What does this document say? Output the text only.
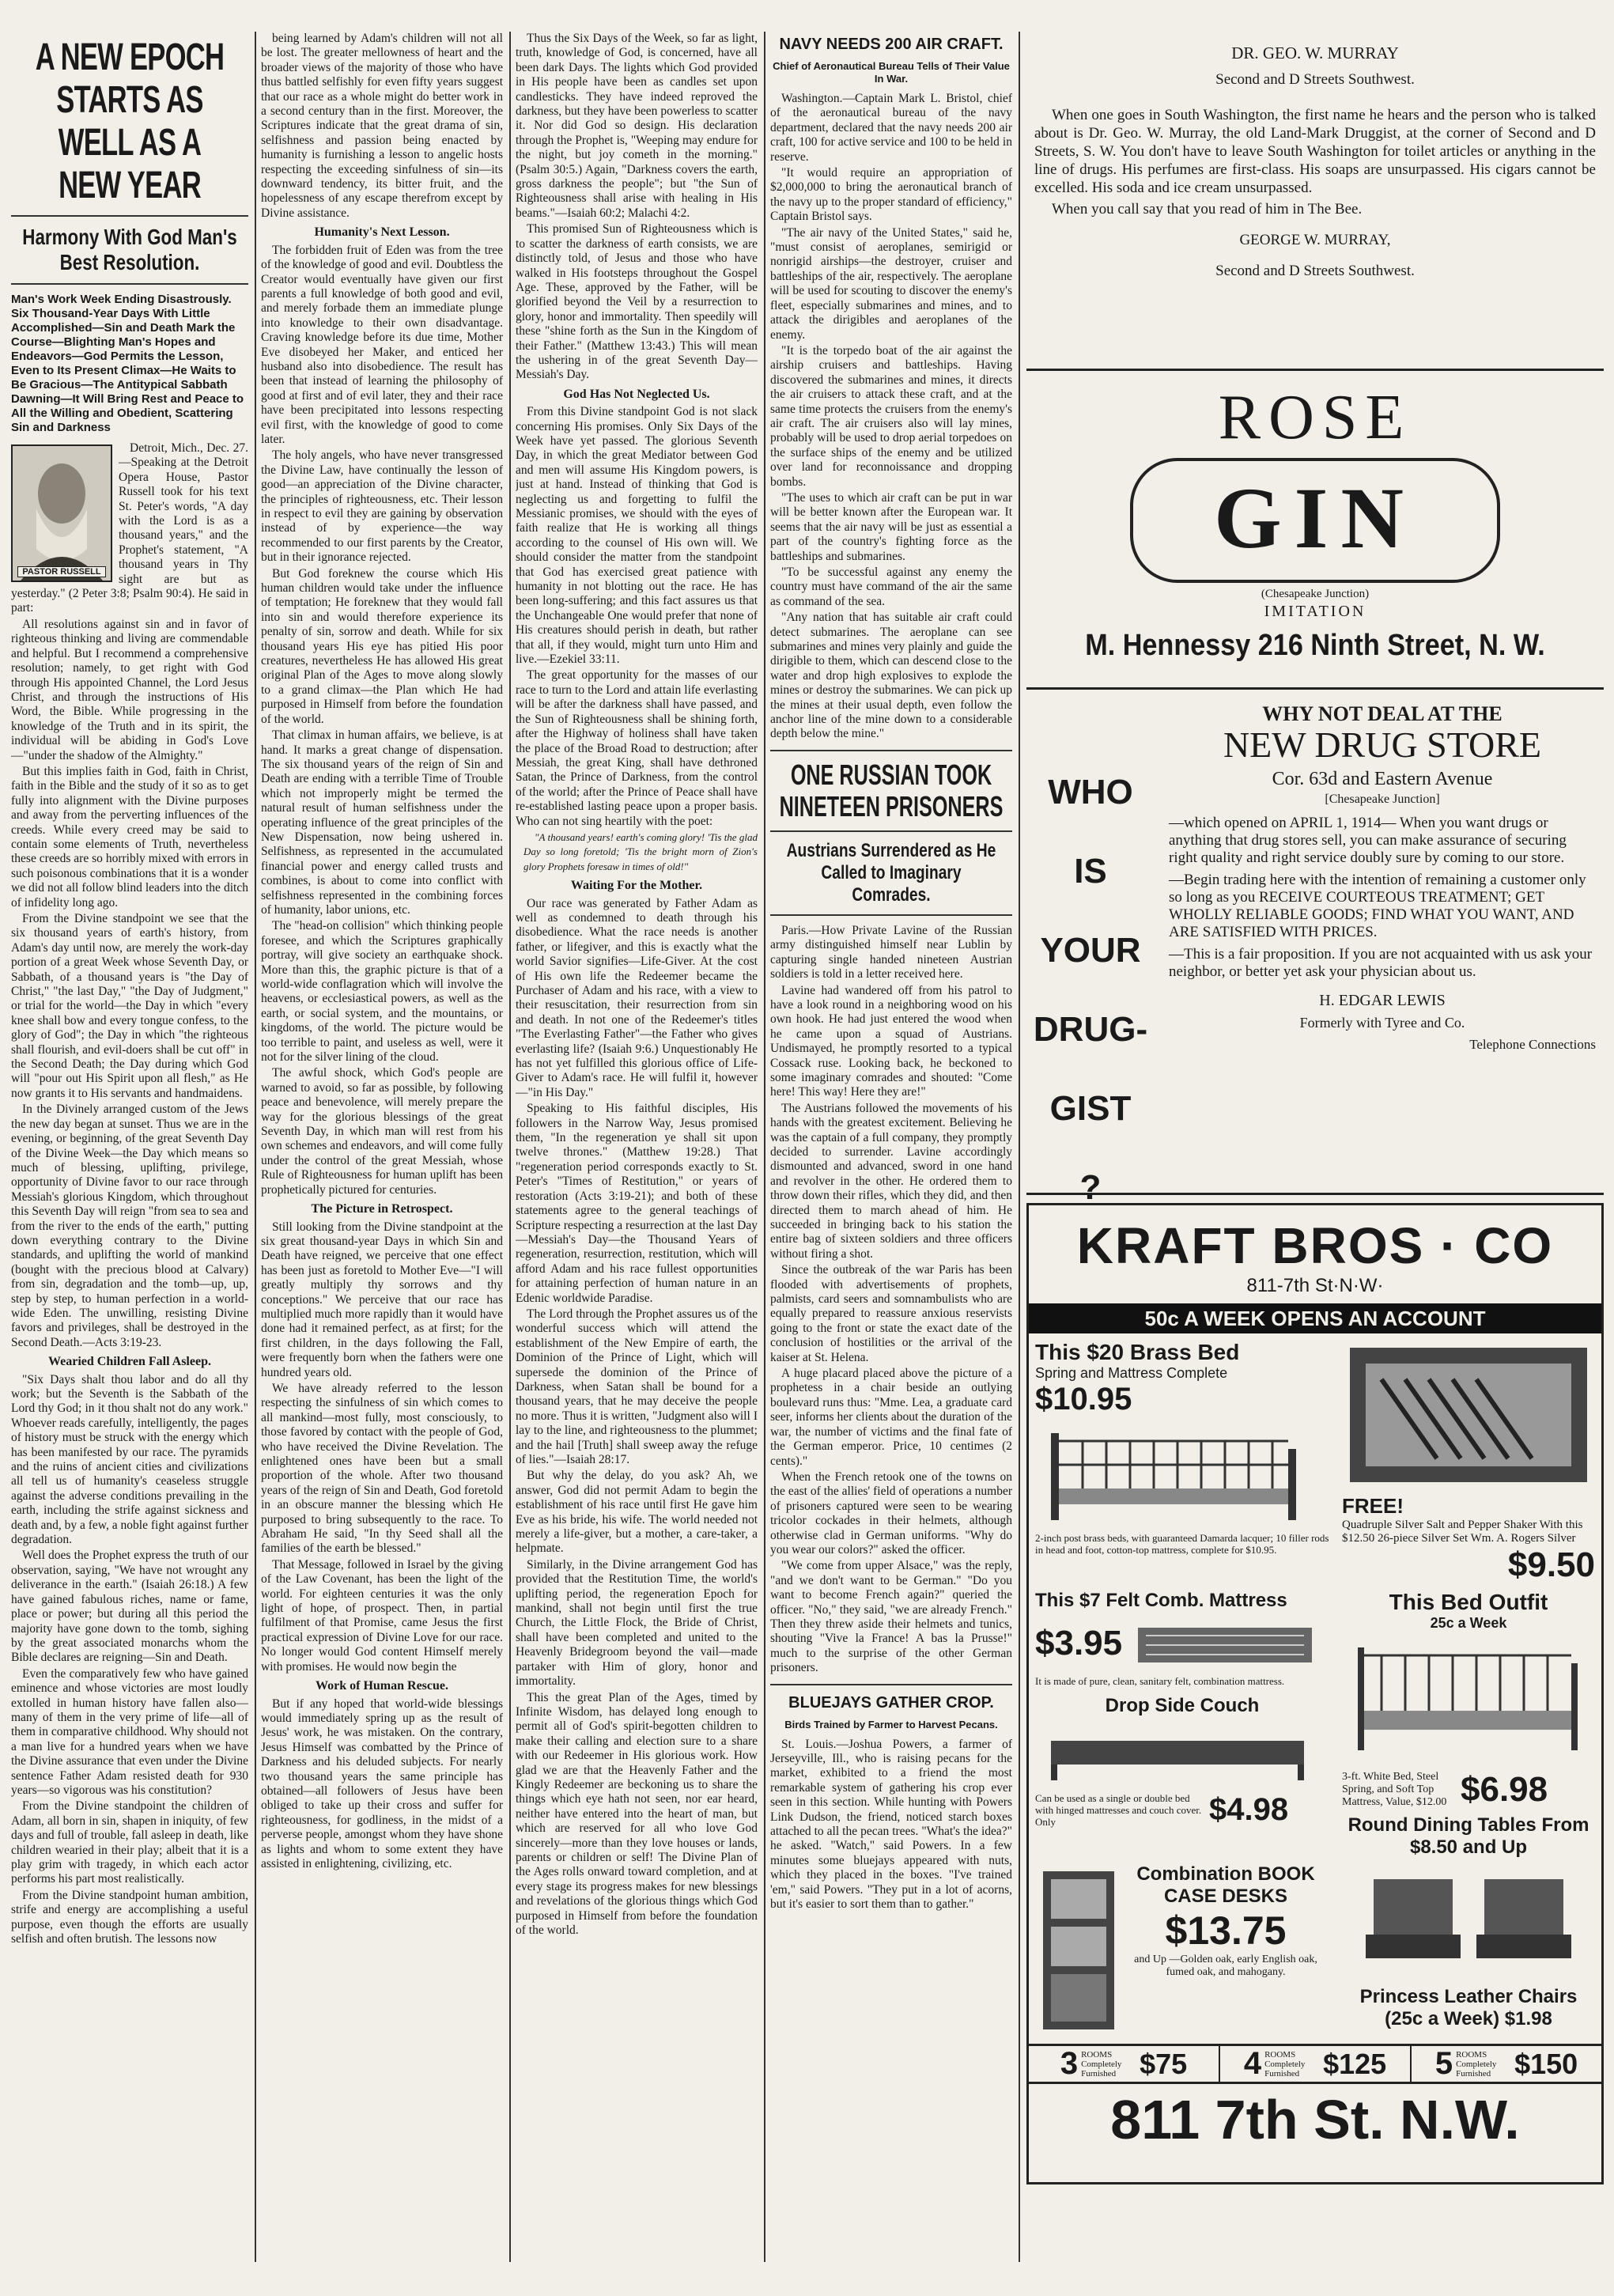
A NEW EPOCH STARTS AS WELL AS A NEW YEAR
Harmony With God Man's Best Resolution.
Man's Work Week Ending Disastrously. Six Thousand-Year Days With Little Accomplished—Sin and Death Mark the Course—Blighting Man's Hopes and Endeavors—God Permits the Lesson, Even to Its Present Climax—He Waits to Be Gracious—The Antitypical Sabbath Dawning—It Will Bring Rest and Peace to All the Willing and Obedient, Scattering Sin and Darkness
PASTOR RUSSELL

Detroit, Mich., Dec. 27.—Speaking at the Detroit Opera House, Pastor Russell took for his text St. Peter's words, "A day with the Lord is as a thousand years," and the Prophet's statement, "A thousand years in Thy sight are but as yesterday." (2 Peter 3:8; Psalm 90:4). He said in part:

All resolutions against sin and in favor of righteous thinking and living are commendable and helpful. But I recommend a comprehensive resolution; namely, to get right with God through His appointed Channel, the Lord Jesus Christ, and through the instructions of His Word, the Bible. While progressing in the knowledge of the Truth and in its spirit, the individual will be abiding in God's Love—"under the shadow of the Almighty."

But this implies faith in God, faith in Christ, faith in the Bible and the study of it so as to get fully into alignment with the Divine purposes and away from the perverting influences of the creeds. While every creed may be said to contain some elements of Truth, nevertheless these creeds are so horribly mixed with errors in such poisonous combinations that it is a wonder we did not all follow blind leaders into the ditch of infidelity long ago.

From the Divine standpoint we see that the six thousand years of earth's history, from Adam's day until now, are merely the work-day portion of a great Week whose Seventh Day, or Sabbath, of a thousand years is "the Day of Christ," "the last Day," "the Day of Judgment," or trial for the world—the Day in which "every knee shall bow and every tongue confess, to the glory of God"; the Day in which "the righteous shall flourish, and evil-doers shall be cut off" in the Second Death; the Day during which God will "pour out His Spirit upon all flesh," as He now grants it to His servants and handmaidens.

In the Divinely arranged custom of the Jews the new day began at sunset. Thus we are in the evening, or beginning, of the great Seventh Day of the Divine Week—the Day which means so much of blessing, uplifting, privilege, opportunity of Divine favor to our race through Messiah's glorious Kingdom, which throughout this Seventh Day will reign "from sea to sea and from the river to the ends of the earth," putting down everything contrary to the Divine standards, and uplifting the world of mankind (bought with the precious blood at Calvary) from sin, degradation and the tomb—up, up, step by step, to human perfection in a world-wide Eden. The unwilling, resisting Divine favors and privileges, shall be destroyed in the Second Death.—Acts 3:19-23.

Wearied Children Fall Asleep.

"Six Days shalt thou labor and do all thy work; but the Seventh is the Sabbath of the Lord thy God; in it thou shalt not do any work." Whoever reads carefully, intelligently, the pages of history must be struck with the energy which has been manifested by our race. The pyramids and the ruins of ancient cities and civilizations all tell us of humanity's ceaseless struggle against the adverse conditions prevailing in the earth, including the strife against sickness and death and, by a few, a noble fight against further degradation.

Well does the Prophet express the truth of our observation, saying, "We have not wrought any deliverance in the earth." (Isaiah 26:18.) A few have gained fabulous riches, name or fame, place or power; but during all this period the majority have gone down to the tomb, sighing by the great associated monarchs whom the Bible declares are reigning—Sin and Death.

Even the comparatively few who have gained eminence and whose victories are most loudly extolled in human history have fallen also—many of them in the very prime of life—all of them in comparative childhood. Why should not a man live for a hundred years when we have the Divine assurance that even under the Divine sentence Father Adam resisted death for 930 years—so vigorous was his constitution?

From the Divine standpoint the children of Adam, all born in sin, shapen in iniquity, of few days and full of trouble, fall asleep in death, like children wearied in their play; albeit that it is a play grim with tragedy, in which each actor performs his part most realistically.

From the Divine standpoint human ambition, strife and energy are accomplishing a useful purpose, even though the efforts are usually selfish and often brutish. The lessons now

being learned by Adam's children will not all be lost. The greater mellowness of heart and the broader views of the majority of those who have thus battled selfishly for even fifty years suggest that our race as a whole might do better work in a second century than in the first. Moreover, the Scriptures indicate that the great drama of sin, selfishness and passion being enacted by humanity is furnishing a lesson to angelic hosts respecting the exceeding sinfulness of sin—its downward tendency, its bitter fruit, and the hopelessness of any escape therefrom except by Divine assistance.

Humanity's Next Lesson.

The forbidden fruit of Eden was from the tree of the knowledge of good and evil. Doubtless the Creator would eventually have given our first parents a full knowledge of both good and evil, and merely forbade them an immediate plunge into knowledge to their own disadvantage. Craving knowledge before its due time, Mother Eve disobeyed her Maker, and enticed her husband also into disobedience. The result has been that instead of learning the philosophy of good at first and of evil later, they and their race have been precipitated into lessons respecting evil first, with the knowledge of good to come later.

The holy angels, who have never transgressed the Divine Law, have continually the lesson of good—an appreciation of the Divine character, the principles of righteousness, etc. Their lesson in respect to evil they are gaining by observation instead of by experience—the way recommended to our first parents by the Creator, but in their ignorance rejected.

But God foreknew the course which His human children would take under the influence of temptation; He foreknew that they would fall into sin and would therefore experience its penalty of sin, sorrow and death. While for six thousand years His eye has pitied His poor creatures, nevertheless He has allowed His great original Plan of the Ages to move along slowly to a grand climax—the Plan which He had purposed in Himself from before the foundation of the world.

That climax in human affairs, we believe, is at hand. It marks a great change of dispensation. The six thousand years of the reign of Sin and Death are ending with a terrible Time of Trouble which not improperly might be termed the natural result of human selfishness under the operating influence of the great principles of the New Dispensation, now being ushered in. Selfishness, as represented in the accumulated financial power and energy called trusts and combines, is about to come into conflict with selfishness represented in the combining forces of humanity, labor unions, etc.

The "head-on collision" which thinking people foresee, and which the Scriptures graphically portray, will give society an earthquake shock. More than this, the graphic picture is that of a world-wide conflagration which will involve the heavens, or ecclesiastical powers, as well as the earth, or social system, and the mountains, or kingdoms, of the world. The picture would be too terrible to paint, and useless as well, were it not for the silver lining of the cloud.

The awful shock, which God's people are warned to avoid, so far as possible, by following peace and benevolence, will merely prepare the way for the glorious blessings of the great Seventh Day, in which man will rest from his own schemes and endeavors, and will come fully under the control of the great Messiah, whose Rule of Righteousness for human uplift has been prophetically pictured for centuries.

The Picture in Retrospect.

Still looking from the Divine standpoint at the six great thousand-year Days in which Sin and Death have reigned, we perceive that one effect has been just as foretold to Mother Eve—"I will greatly multiply thy sorrows and thy conceptions." We perceive that our race has multiplied much more rapidly than it would have done had it remained perfect, as at first; for the first children, in the days following the Fall, were frequently born when the fathers were one hundred years old.

We have already referred to the lesson respecting the sinfulness of sin which comes to all mankind—most fully, most consciously, to those favored by contact with the people of God, who have received the Divine Revelation. The enlightened ones have been but a small proportion of the whole. After two thousand years of the reign of Sin and Death, God foretold in an obscure manner the blessing which He purposed to bring subsequently to the race. To Abraham He said, "In thy Seed shall all the families of the earth be blessed."

That Message, followed in Israel by the giving of the Law Covenant, has been the light of the world. For eighteen centuries it was the only light of hope, of prospect. Then, in partial fulfilment of that Promise, came Jesus the first practical expression of Divine Love for our race. No longer would God content Himself merely with promises. He would now begin the

Work of Human Rescue.

But if any hoped that world-wide blessings would immediately spring up as the result of Jesus' work, he was mistaken. On the contrary, Jesus Himself was combatted by the Prince of Darkness and his deluded subjects. For nearly two thousand years the same principle has obtained—all followers of Jesus have been obliged to take up their cross and suffer for righteousness, for godliness, in the midst of a perverse people, amongst whom they have shone as lights and whom to some extent they have assisted in enlightening, civilizing, etc.

Thus the Six Days of the Week, so far as light, truth, knowledge of God, is concerned, have all been dark Days. The lights which God provided in His people have been as candles set upon candlesticks. They have indeed reproved the darkness, but they have been powerless to scatter it. Nor did God so design. His declaration through the Prophet is, "Weeping may endure for the night, but joy cometh in the morning." (Psalm 30:5.) Again, "Darkness covers the earth, gross darkness the people"; but "the Sun of Righteousness shall arise with healing in His beams."—Isaiah 60:2; Malachi 4:2.

This promised Sun of Righteousness which is to scatter the darkness of earth consists, we are distinctly told, of Jesus and those who have walked in His footsteps throughout the Gospel Age. These, approved by the Father, will be glorified beyond the Veil by a resurrection to glory, honor and immortality. Then speedily will these "shine forth as the Sun in the Kingdom of their Father." (Matthew 13:43.) This will mean the ushering in of the great Seventh Day—Messiah's Day.

God Has Not Neglected Us.

From this Divine standpoint God is not slack concerning His promises. Only Six Days of the Week have yet passed. The glorious Seventh Day, in which the great Mediator between God and men will assume His Kingdom powers, is just at hand. Instead of thinking that God is neglecting us and forgetting to fulfil the Messianic promises, we should with the eyes of faith realize that He is working all things according to the counsel of His own will. We should consider the matter from the standpoint that God has exercised great patience with humanity in not blotting out the race. He has been long-suffering; and this fact assures us that the Unchangeable One would prefer that none of His creatures should perish in death, but rather that all, if they would, might turn unto Him and live.—Ezekiel 33:11.

The great opportunity for the masses of our race to turn to the Lord and attain life everlasting will be after the darkness shall have passed, and the Sun of Righteousness shall be shining forth, after the Highway of holiness shall have taken the place of the Broad Road to destruction; after Messiah, the great King, shall have dethroned Satan, the Prince of Darkness, from the control of the world; after the Prince of Peace shall have re-established lasting peace upon a proper basis. Who can not sing heartily with the poet:

"A thousand years! earth's coming glory! 'Tis the glad Day so long foretold; 'Tis the bright morn of Zion's glory Prophets foresaw in times of old!"

Waiting For the Mother.

Our race was generated by Father Adam as well as condemned to death through his disobedience. What the race needs is another father, or lifegiver, and this is exactly what the world Savior signifies—Life-Giver. At the cost of His own life the Redeemer became the Purchaser of Adam and his race, with a view to their resuscitation, their resurrection from sin and death. In not one of the Redeemer's titles "The Everlasting Father"—the Father who gives everlasting life? (Isaiah 9:6.) Unquestionably He has not yet fulfilled this glorious office of Life-Giver to Adam's race. He will fulfil it, however—"in His Day."

Speaking to His faithful disciples, His followers in the Narrow Way, Jesus promised them, "In the regeneration ye shall sit upon twelve thrones." (Matthew 19:28.) That "regeneration period corresponds exactly to St. Peter's "Times of Restitution," or years of restoration (Acts 3:19-21); and both of these statements agree to the general teachings of Scripture respecting a resurrection at the last Day—Messiah's Day—the Thousand Years of regeneration, resurrection, restitution, which will afford Adam and his race fullest opportunities for attaining perfection of human nature in an Edenic worldwide Paradise.

The Lord through the Prophet assures us of the wonderful success which will attend the establishment of the New Empire of earth, the Dominion of the Prince of Light, which will supersede the dominion of the Prince of Darkness, when Satan shall be bound for a thousand years, that he may deceive the people no more. Thus it is written, "Judgment also will I lay to the line, and righteousness to the plummet; and the hail [Truth] shall sweep away the refuge of lies."—Isaiah 28:17.

But why the delay, do you ask? Ah, we answer, God did not permit Adam to begin the establishment of his race until first He gave him Eve as his bride, his wife. The world needed not merely a life-giver, but a mother, a care-taker, a helpmate.

Similarly, in the Divine arrangement God has provided that the Restitution Time, the world's uplifting period, the regeneration Epoch for mankind, shall not begin until first the true Church, the Little Flock, the Bride of Christ, shall have been completed and united to the Heavenly Bridegroom beyond the vail—made partaker with Him of glory, honor and immortality.

This the great Plan of the Ages, timed by Infinite Wisdom, has delayed long enough to permit all of God's spirit-begotten children to make their calling and election sure to a share with our Redeemer in His glorious work. How glad we are that the Heavenly Father and the Kingly Redeemer are beckoning us to share the things which eye hath not seen, nor ear heard, neither have entered into the heart of man, but which are reserved for all who love God sincerely—more than they love houses or lands, parents or children or self! The Divine Plan of the Ages rolls onward toward completion, and at every stage its progress makes for new blessings and revelations of the glorious things which God purposed in Himself from before the foundation of the world.

NAVY NEEDS 200 AIR CRAFT.
Chief of Aeronautical Bureau Tells of Their Value In War.

Washington.—Captain Mark L. Bristol, chief of the aeronautical bureau of the navy department, declared that the navy needs 200 air craft, 100 for active service and 100 to be held in reserve.

"It would require an appropriation of $2,000,000 to bring the aeronautical branch of the navy up to the proper standard of efficiency," Captain Bristol says.

"The air navy of the United States," said he, "must consist of aeroplanes, semirigid or nonrigid airships—the destroyer, cruiser and battleships of the air, respectively. The aeroplane will be used for scouting to discover the enemy's fleet, especially submarines and mines, and to attack the dirigibles and aeroplanes of the enemy.

"It is the torpedo boat of the air against the airship cruisers and battleships. Having discovered the submarines and mines, it directs the air cruisers to attack these craft, and at the same time protects the cruisers from the enemy's air craft. The air cruisers also will lay mines, probably will be used to drop aerial torpedoes on the surface ships of the enemy and be utilized over land for reconnoissance and dropping bombs.

"The uses to which air craft can be put in war will be better known after the European war. It seems that the air navy will be just as essential a part of the country's fighting force as the battleships and submarines.

"To be successful against any enemy the country must have command of the air the same as command of the sea.

"Any nation that has suitable air craft could detect submarines. The aeroplane can see submarines and mines very plainly and guide the dirigible to them, which can descend close to the water and drop high explosives to explode the mines or destroy the submarines. We can pick up the mines at their usual depth, even follow the anchor line of the mine down to a considerable depth below the mine."

ONE RUSSIAN TOOK NINETEEN PRISONERS
Austrians Surrendered as He Called to Imaginary Comrades.

Paris.—How Private Lavine of the Russian army distinguished himself near Lublin by capturing single handed nineteen Austrian soldiers is told in a letter received here.

Lavine had wandered off from his patrol to have a look round in a neighboring wood on his own hook. He had just entered the wood when he came upon a squad of Austrians. Undismayed, he promptly resorted to a typical Cossack ruse. Looking back, he beckoned to some imaginary comrades and shouted: "Come here! This way! Here they are!"

The Austrians followed the movements of his hands with the greatest excitement. Believing he was the captain of a full company, they promptly decided to surrender. Lavine accordingly dismounted and advanced, sword in one hand and revolver in the other. He ordered them to throw down their rifles, which they did, and then directed them to march ahead of him. He succeeded in bringing back to his station the entire bag of sixteen soldiers and three officers without firing a shot.

Since the outbreak of the war Paris has been flooded with advertisements of prophets, palmists, card seers and somnambulists who are equally prepared to reassure anxious reservists going to the front or state the exact date of the conclusion of hostilities or the arrival of the kaiser at St. Helena.

A huge placard placed above the picture of a prophetess in a chair beside an outlying boulevard runs thus: "Mme. Lea, a graduate card seer, informs her clients about the duration of the war, the number of victims and the final fate of the German emperor. Price, 10 centimes (2 cents)."

When the French retook one of the towns on the east of the allies' field of operations a number of prisoners captured were seen to be wearing tricolor cockades in their helmets, although otherwise clad in German uniforms. "Why do you wear our colors?" asked the officer.

"We come from upper Alsace," was the reply, "and we don't want to be German." "Do you want to become French again?" queried the officer. "No," they said, "we are already French." Then they threw aside their helmets and tunics, shouting "Vive la France! A bas la Prusse!" much to the surprise of the other German prisoners.

BLUEJAYS GATHER CROP.
Birds Trained by Farmer to Harvest Pecans.

St. Louis.—Joshua Powers, a farmer of Jerseyville, Ill., who is raising pecans for the market, exhibited to a friend the most remarkable system of gathering his crop ever seen in this section. While hunting with Powers Link Dudson, the friend, noticed starch boxes attached to all the pecan trees. "What's the idea?" he asked. "Watch," said Powers. In a few minutes some bluejays appeared with nuts, which they placed in the boxes. "I've trained 'em," said Powers. "They put in a lot of acorns, but it's easier to sort them than to gather."

DR. GEO. W. MURRAY
Second and D Streets Southwest.
When one goes in South Washington, the first name he hears and the person who is talked about is Dr. Geo. W. Murray, the old Land-Mark Druggist, at the corner of Second and D Streets, S. W. You don't have to leave South Washington for toilet articles or anything in the line of drugs. His perfumes are first-class. His soaps are unsurpassed. His cigars cannot be excelled. His soda and ice cream unsurpassed.
When you call say that you read of him in The Bee.
GEORGE W. MURRAY,
Second and D Streets Southwest.
ROSE
GIN
(Chesapeake Junction)
IMITATION
M. Hennessy 216 Ninth Street, N. W.
WHO
IS
YOUR
DRUG-
GIST
?
WHY NOT DEAL AT THE
NEW DRUG STORE
Cor. 63d and Eastern Avenue
[Chesapeake Junction]

—which opened on APRIL 1, 1914— When you want drugs or anything that drug stores sell, you can make assurance of securing right quality and right service doubly sure by coming to our store.

—Begin trading here with the intention of remaining a customer only so long as you RECEIVE COURTEOUS TREATMENT; GET WHOLLY RELIABLE GOODS; FIND WHAT YOU WANT, AND ARE SATISFIED WITH PRICES.

—This is a fair proposition. If you are not acquainted with us ask your neighbor, or better yet ask your physician about us.

H. EDGAR LEWIS
Formerly with Tyree and Co.
Telephone Connections
KRAFT BROS · CO
811-7th St·N·W·
50c A WEEK OPENS AN ACCOUNT
This $20 Brass Bed
Spring and Mattress Complete
$10.95
2-inch post brass beds, with guaranteed Damarda lacquer; 10 filler rods in head and foot, cotton-top mattress, complete for $10.95.
FREE!
Quadruple Silver Salt and Pepper Shaker With this $12.50 26-piece Silver Set Wm. A. Rogers Silver
$9.50
This $7 Felt Comb. Mattress
$3.95
It is made of pure, clean, sanitary felt, combination mattress.
Drop Side Couch
Can be used as a single or double bed with hinged mattresses and couch cover. Only	$4.98
This Bed Outfit
25c a Week
3-ft. White Bed, Steel Spring, and Soft Top Mattress, Value, $12.00 $6.98
Round Dining Tables From $8.50 and Up
Combination BOOK CASE DESKS
$13.75
and Up —Golden oak, early English oak, fumed oak, and mahogany.
Princess Leather Chairs (25c a Week) $1.98
3 ROOMS Completely Furnished $75 4 ROOMS Completely Furnished $125 5 ROOMS Completely Furnished $150
811 7th St. N.W.
